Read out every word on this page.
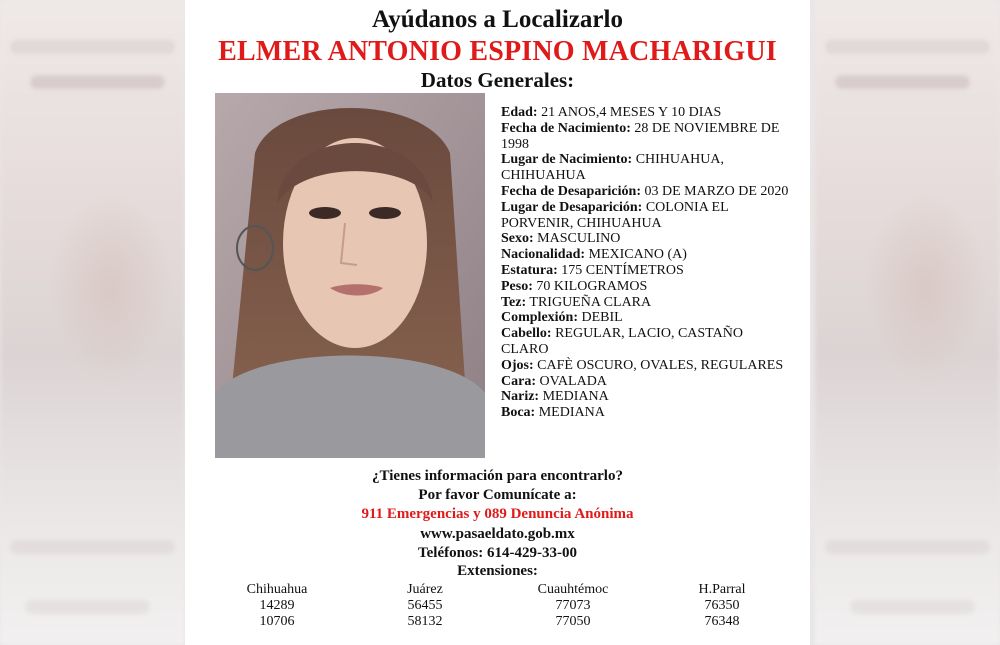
Ayúdanos a Localizarlo
ELMER ANTONIO ESPINO MACHARIGUI
Datos Generales:

Edad: 21 ANOS,4 MESES Y 10 DIAS

Fecha de Nacimiento: 28 DE NOVIEMBRE DE 1998

Lugar de Nacimiento: CHIHUAHUA, CHIHUAHUA

Fecha de Desaparición: 03 DE MARZO DE 2020

Lugar de Desaparición: COLONIA EL PORVENIR, CHIHUAHUA

Sexo: MASCULINO

Nacionalidad: MEXICANO (A)

Estatura: 175 CENTÍMETROS

Peso: 70 KILOGRAMOS

Tez: TRIGUEÑA CLARA

Complexión: DEBIL

Cabello: REGULAR, LACIO, CASTAÑO CLARO

Ojos: CAFÈ OSCURO, OVALES, REGULARES

Cara: OVALADA

Nariz: MEDIANA

Boca: MEDIANA

¿Tienes información para encontrarlo?
Por favor Comunícate a:
911 Emergencias y 089 Denuncia Anónima
www.pasaeldato.gob.mx
Teléfonos: 614-429-33-00
Extensiones:
Chihuahua
14289
10706
Juárez
56455
58132
Cuauhtémoc
77073
77050
H.Parral
76350
76348
